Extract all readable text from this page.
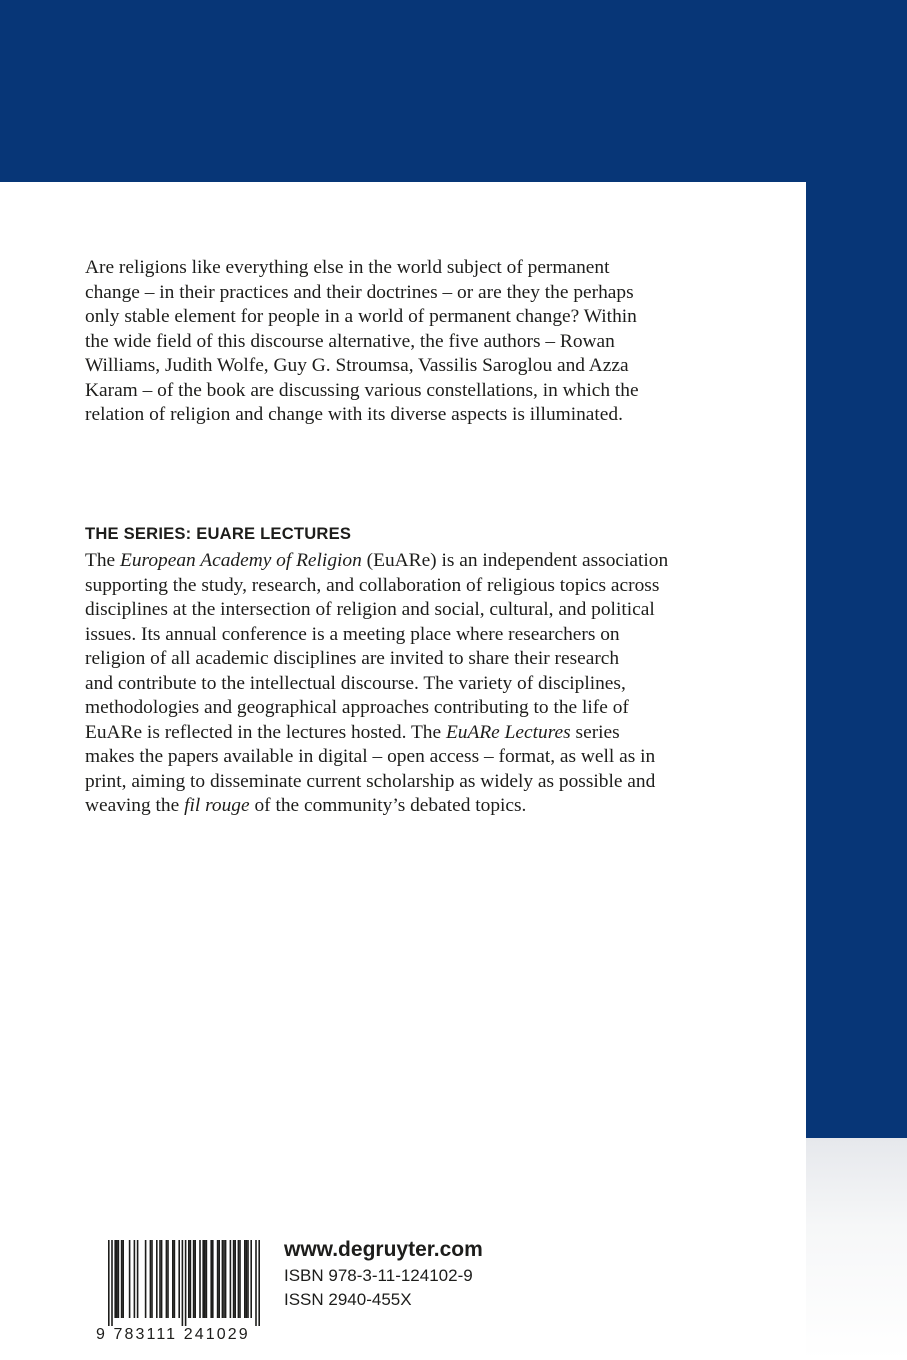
Are religions like everything else in the world subject of permanent
change – in their practices and their doctrines – or are they the perhaps
only stable element for people in a world of permanent change? Within
the wide field of this discourse alternative, the five authors – Rowan
Williams, Judith Wolfe, Guy G. Stroumsa, Vassilis Saroglou and Azza
Karam – of the book are discussing various constellations, in which the
relation of religion and change with its diverse aspects is illuminated.

THE SERIES: EUARE LECTURES

The European Academy of Religion (EuARe) is an independent association
supporting the study, research, and collaboration of religious topics across
disciplines at the intersection of religion and social, cultural, and political
issues. Its annual conference is a meeting place where researchers on
religion of all academic disciplines are invited to share their research
and contribute to the intellectual discourse. The variety of disciplines,
methodologies and geographical approaches contributing to the life of
EuARe is reflected in the lectures hosted. The EuARe Lectures series
makes the papers available in digital – open access – format, as well as in
print, aiming to disseminate current scholarship as widely as possible and
weaving the fil rouge of the community’s debated topics.

9 783111 241029
www.degruyter.com
ISBN 978-3-11-124102-9
ISSN 2940-455X
